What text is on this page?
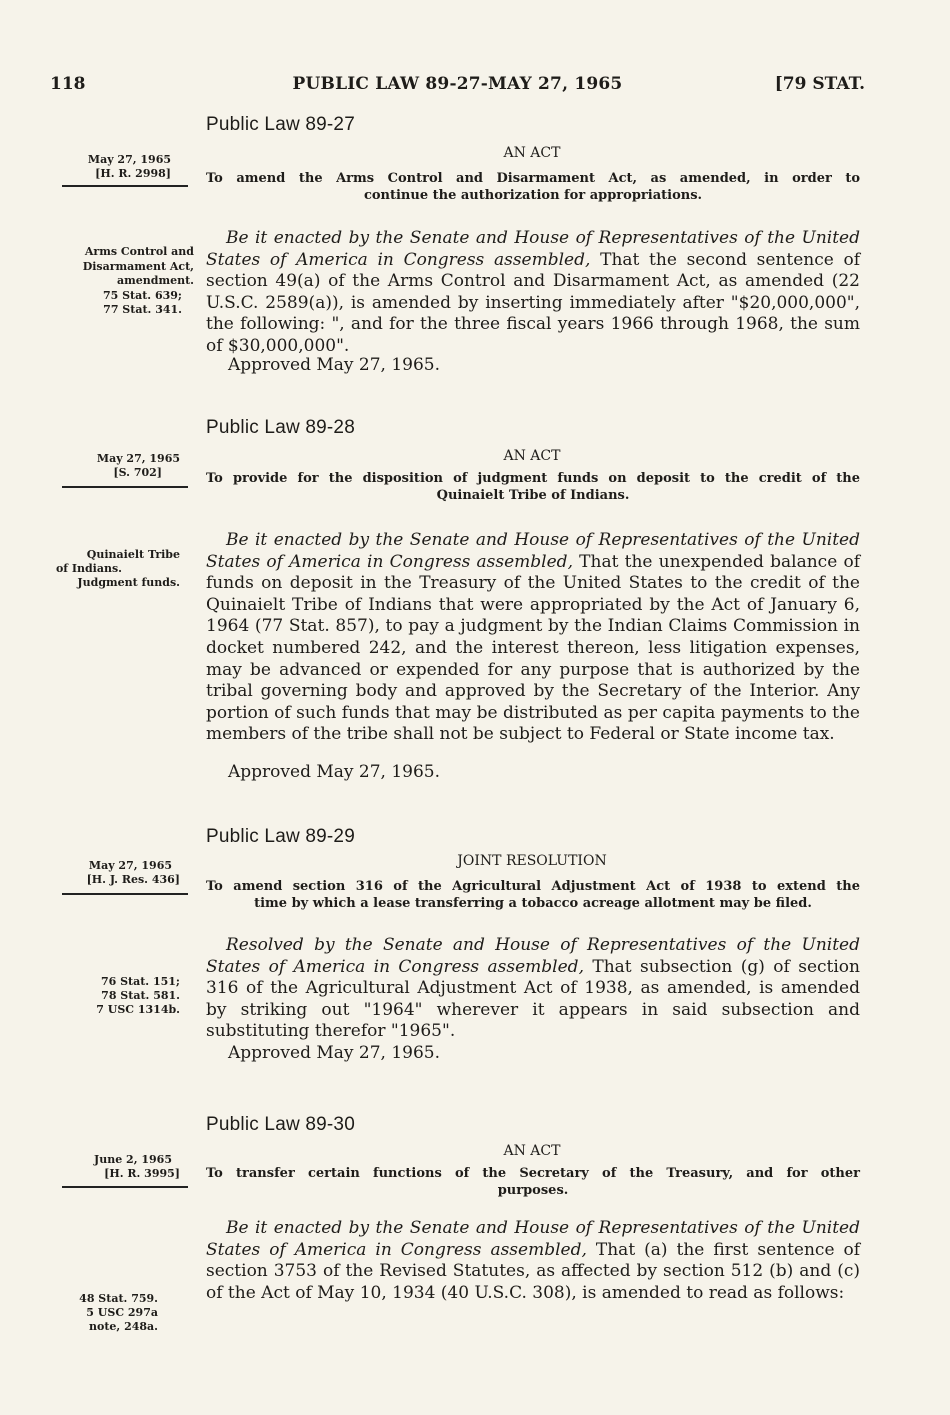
118	PUBLIC LAW 89-27-MAY 27, 1965	[79 STAT.
Public Law 89-27
AN ACT
May 27, 1965
[H. R. 2998]	To amend the Arms Control and Disarmament Act, as amended, in order to
continue the authorization for appropriations.
Arms Control and
Disarmament Act,
amendment.
75 Stat. 639;
77 Stat. 341.

Be it enacted by the Senate and House of Representatives of the United States of America in Congress assembled, That the second sentence of section 49(a) of the Arms Control and Disarmament Act, as amended (22 U.S.C. 2589(a)), is amended by inserting immediately after "$20,000,000", the following: ", and for the three fiscal years 1966 through 1968, the sum of $30,000,000".

Approved May 27, 1965.
Public Law 89-28
AN ACT
May 27, 1965
[S. 702]	To provide for the disposition of judgment funds on deposit to the credit of the
Quinaielt Tribe of Indians.
Quinaielt Tribe
of Indians.
Judgment funds.

Be it enacted by the Senate and House of Representatives of the United States of America in Congress assembled, That the unexpended balance of funds on deposit in the Treasury of the United States to the credit of the Quinaielt Tribe of Indians that were appropriated by the Act of January 6, 1964 (77 Stat. 857), to pay a judgment by the Indian Claims Commission in docket numbered 242, and the interest thereon, less litigation expenses, may be advanced or expended for any purpose that is authorized by the tribal governing body and approved by the Secretary of the Interior. Any portion of such funds that may be distributed as per capita payments to the members of the tribe shall not be subject to Federal or State income tax.

Approved May 27, 1965.
Public Law 89-29
JOINT RESOLUTION
May 27, 1965
[H. J. Res. 436] To amend section 316 of the Agricultural Adjustment Act of 1938 to extend the
time by which a lease transferring a tobacco acreage allotment may be filed.
76 Stat. 151;
78 Stat. 581.
7 USC 1314b.

Resolved by the Senate and House of Representatives of the United States of America in Congress assembled, That subsection (g) of section 316 of the Agricultural Adjustment Act of 1938, as amended, is amended by striking out "1964" wherever it appears in said subsection and substituting therefor "1965".

Approved May 27, 1965.
Public Law 89-30
AN ACT
June 2, 1965
[H. R. 3995] To transfer certain functions of the Secretary of the Treasury, and for other
purposes.
48 Stat. 759.
5 USC 297a
note, 248a.

Be it enacted by the Senate and House of Representatives of the United States of America in Congress assembled, That (a) the first sentence of section 3753 of the Revised Statutes, as affected by section 512 (b) and (c) of the Act of May 10, 1934 (40 U.S.C. 308), is amended to read as follows:
